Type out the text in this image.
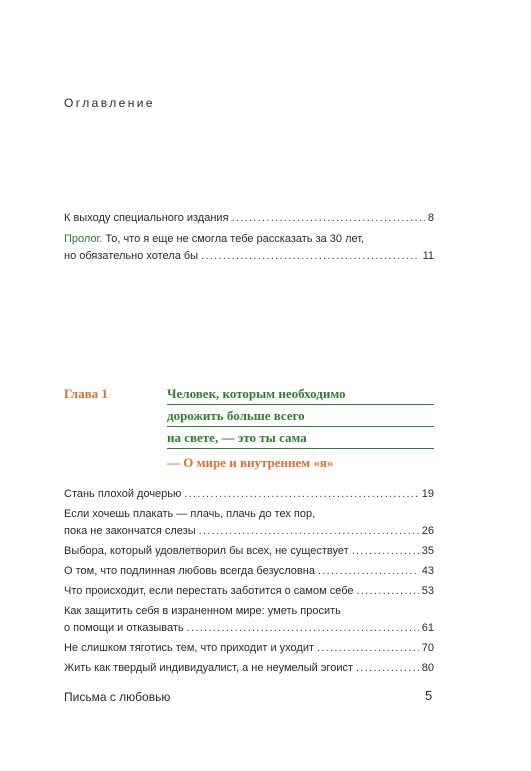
Оглавление
К выходу специального издания .....	8
Пролог. То, что я еще не смогла тебе рассказать за 30 лет,
но обязательно хотела бы .....	11
Глава 1	Человек, которым необходимо
дорожить больше всего
на свете, — это ты сама
— О мире и внутреннем «я»
Стань плохой дочерью .....	19
Если хочешь плакать — плачь, плачь до тех пор,
пока не закончатся слезы .....	26
Выбора, который удовлетворил бы всех, не существует .....	35
О том, что подлинная любовь всегда безусловна .....	43
Что происходит, если перестать заботится о самом себе .....	53
Как защитить себя в израненном мире: уметь просить
о помощи и отказывать .....	61
Не слишком тяготись тем, что приходит и уходит .....	70
Жить как твердый индивидуалист, а не неумелый эгоист .....	80
Письма с любовью	5
